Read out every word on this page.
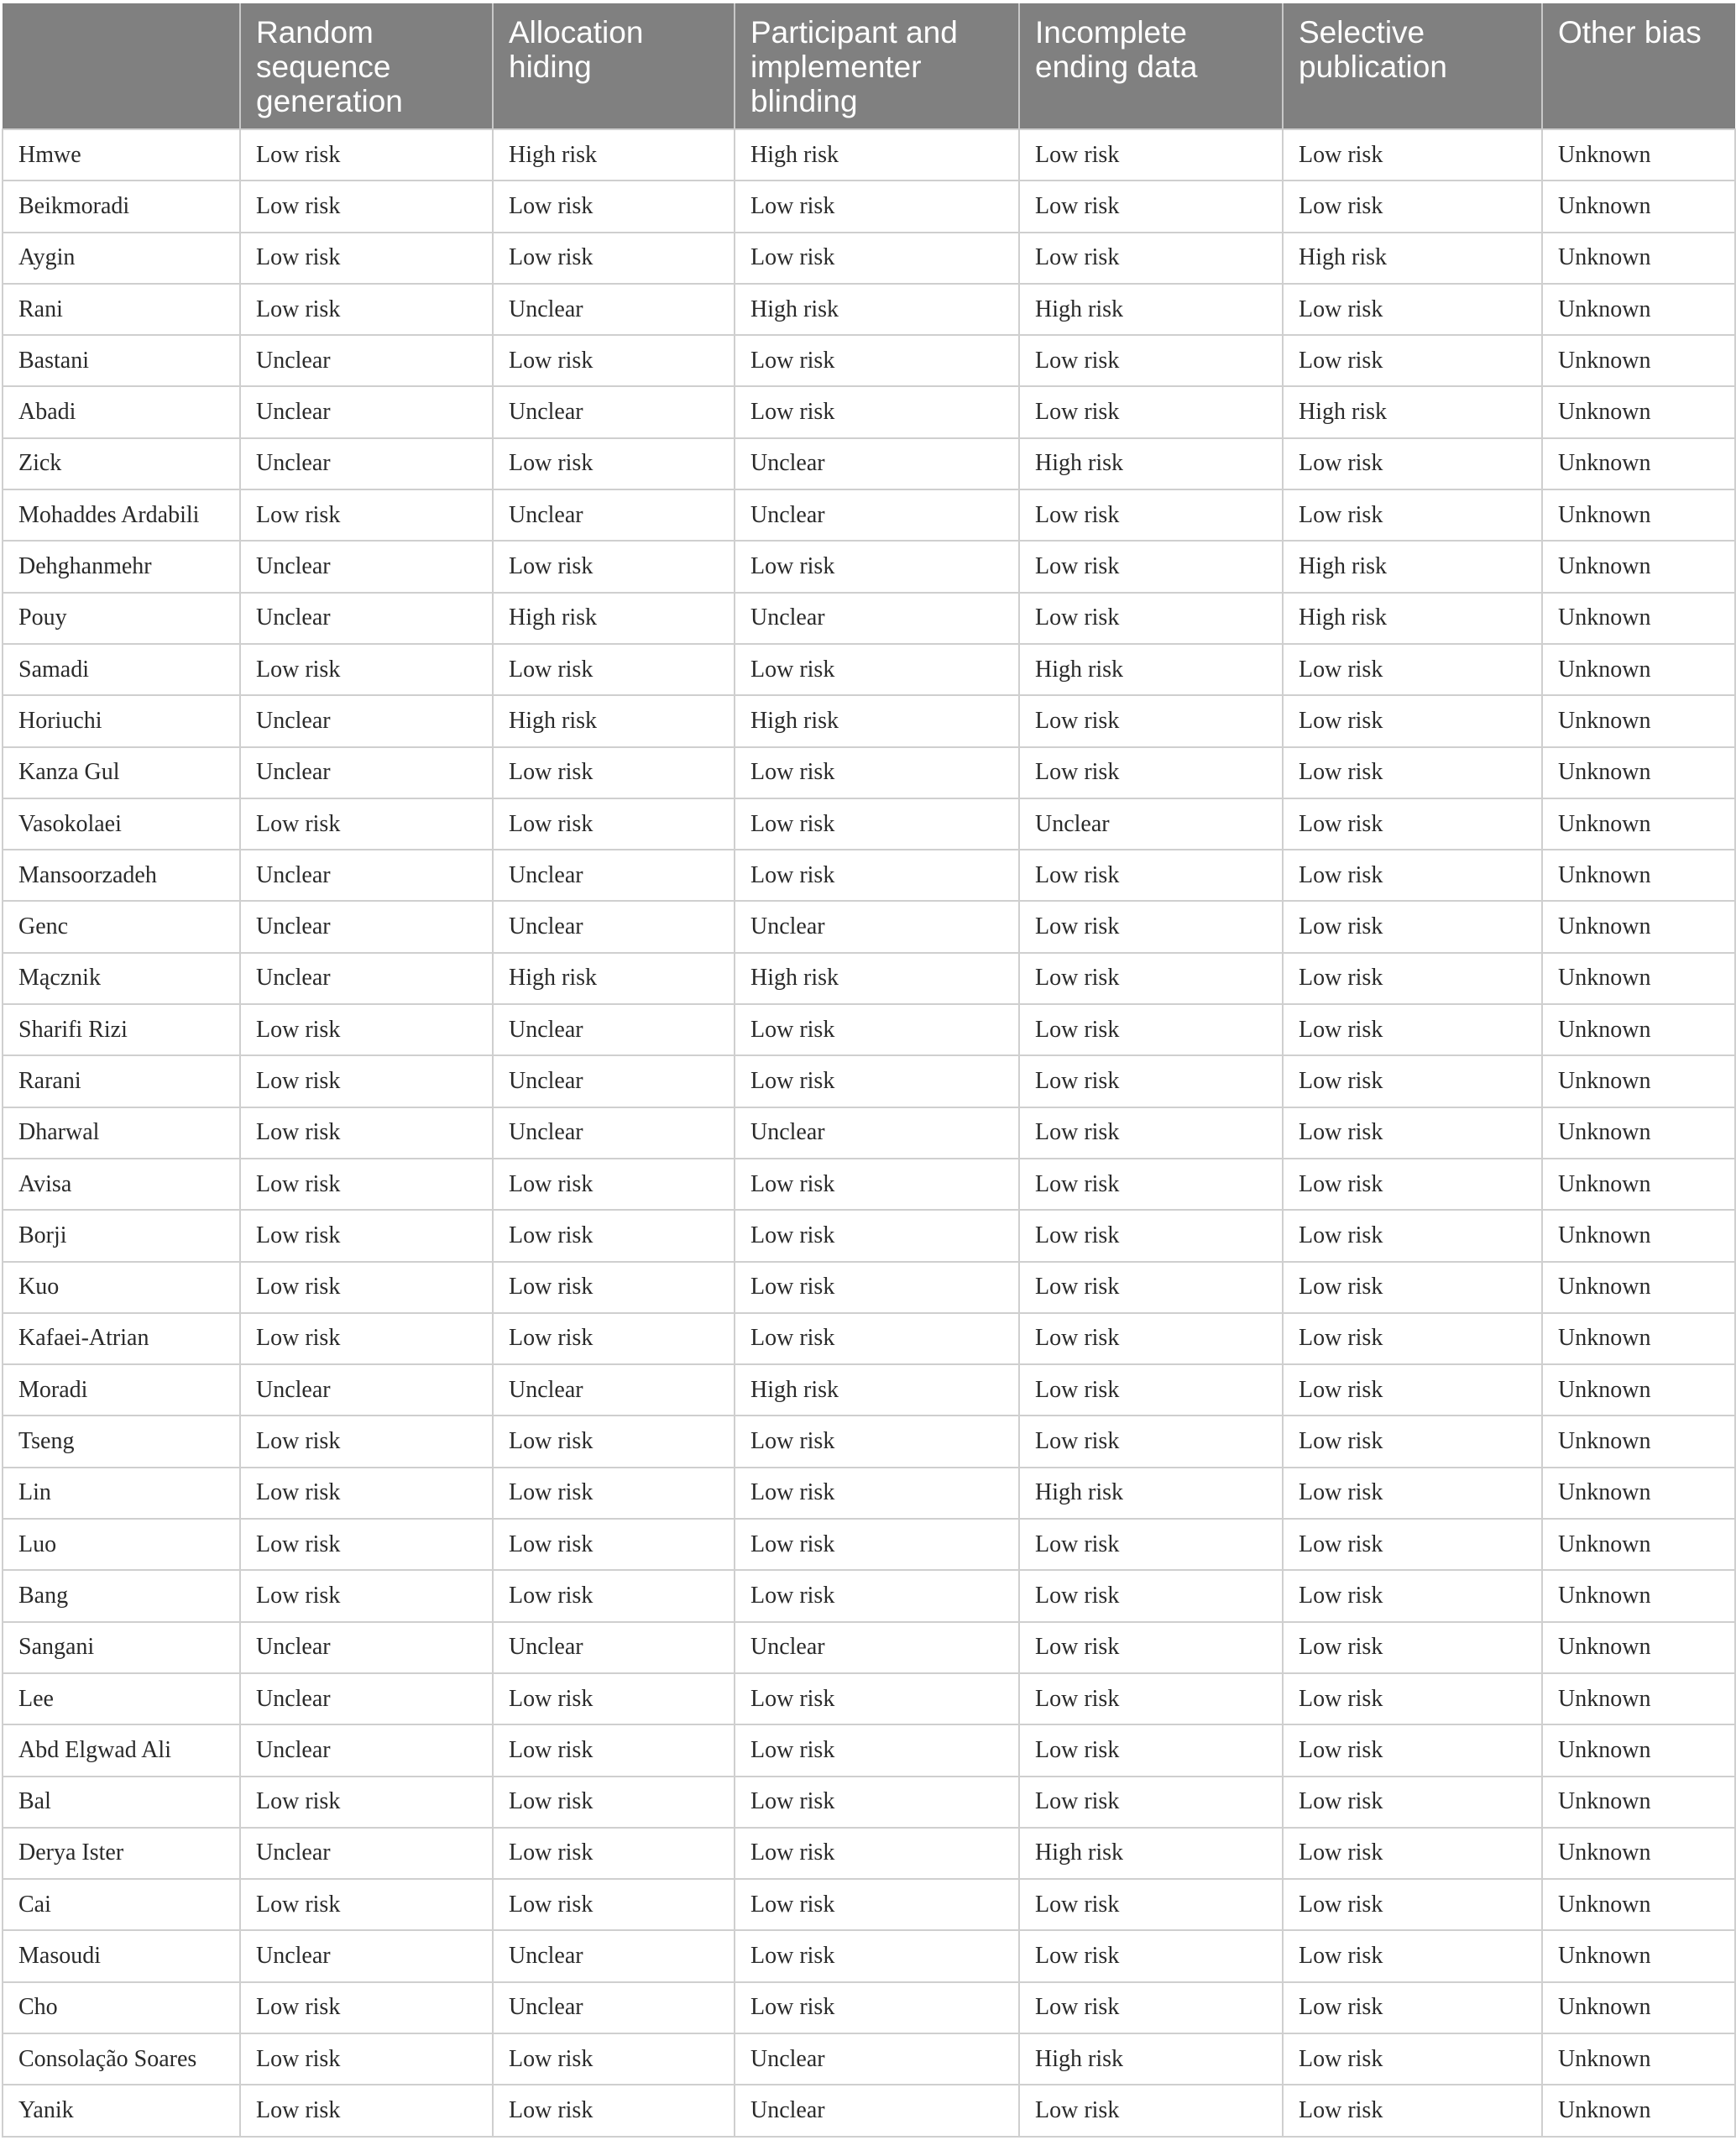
	Random sequence generation	Allocation hiding	Participant and implementer blinding	Incomplete ending data	Selective publication	Other bias
Hmwe	Low risk	High risk	High risk	Low risk	Low risk	Unknown
Beikmoradi	Low risk	Low risk	Low risk	Low risk	Low risk	Unknown
Aygin	Low risk	Low risk	Low risk	Low risk	High risk	Unknown
Rani	Low risk	Unclear	High risk	High risk	Low risk	Unknown
Bastani	Unclear	Low risk	Low risk	Low risk	Low risk	Unknown
Abadi	Unclear	Unclear	Low risk	Low risk	High risk	Unknown
Zick	Unclear	Low risk	Unclear	High risk	Low risk	Unknown
Mohaddes Ardabili	Low risk	Unclear	Unclear	Low risk	Low risk	Unknown
Dehghanmehr	Unclear	Low risk	Low risk	Low risk	High risk	Unknown
Pouy	Unclear	High risk	Unclear	Low risk	High risk	Unknown
Samadi	Low risk	Low risk	Low risk	High risk	Low risk	Unknown
Horiuchi	Unclear	High risk	High risk	Low risk	Low risk	Unknown
Kanza Gul	Unclear	Low risk	Low risk	Low risk	Low risk	Unknown
Vasokolaei	Low risk	Low risk	Low risk	Unclear	Low risk	Unknown
Mansoorzadeh	Unclear	Unclear	Low risk	Low risk	Low risk	Unknown
Genc	Unclear	Unclear	Unclear	Low risk	Low risk	Unknown
Mącznik	Unclear	High risk	High risk	Low risk	Low risk	Unknown
Sharifi Rizi	Low risk	Unclear	Low risk	Low risk	Low risk	Unknown
Rarani	Low risk	Unclear	Low risk	Low risk	Low risk	Unknown
Dharwal	Low risk	Unclear	Unclear	Low risk	Low risk	Unknown
Avisa	Low risk	Low risk	Low risk	Low risk	Low risk	Unknown
Borji	Low risk	Low risk	Low risk	Low risk	Low risk	Unknown
Kuo	Low risk	Low risk	Low risk	Low risk	Low risk	Unknown
Kafaei-Atrian	Low risk	Low risk	Low risk	Low risk	Low risk	Unknown
Moradi	Unclear	Unclear	High risk	Low risk	Low risk	Unknown
Tseng	Low risk	Low risk	Low risk	Low risk	Low risk	Unknown
Lin	Low risk	Low risk	Low risk	High risk	Low risk	Unknown
Luo	Low risk	Low risk	Low risk	Low risk	Low risk	Unknown
Bang	Low risk	Low risk	Low risk	Low risk	Low risk	Unknown
Sangani	Unclear	Unclear	Unclear	Low risk	Low risk	Unknown
Lee	Unclear	Low risk	Low risk	Low risk	Low risk	Unknown
Abd Elgwad Ali	Unclear	Low risk	Low risk	Low risk	Low risk	Unknown
Bal	Low risk	Low risk	Low risk	Low risk	Low risk	Unknown
Derya Ister	Unclear	Low risk	Low risk	High risk	Low risk	Unknown
Cai	Low risk	Low risk	Low risk	Low risk	Low risk	Unknown
Masoudi	Unclear	Unclear	Low risk	Low risk	Low risk	Unknown
Cho	Low risk	Unclear	Low risk	Low risk	Low risk	Unknown
Consolação Soares	Low risk	Low risk	Unclear	High risk	Low risk	Unknown
Yanik	Low risk	Low risk	Unclear	Low risk	Low risk	Unknown
